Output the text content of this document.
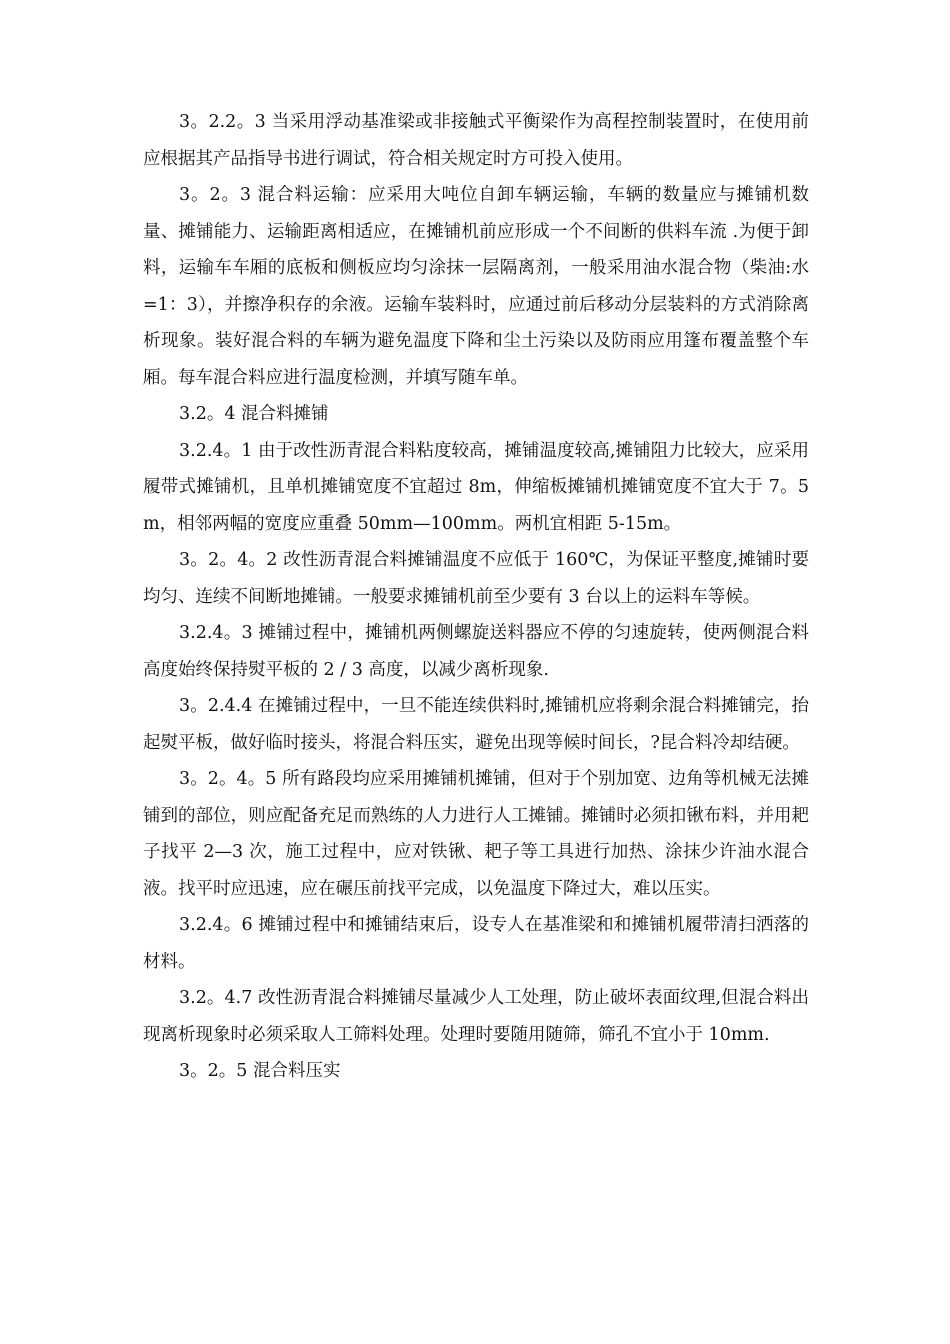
3。2.2。3 当采用浮动基准梁或非接触式平衡梁作为高程控制装置时，在使用前应根据其产品指导书进行调试，符合相关规定时方可投入使用。

3。2。3 混合料运输：应采用大吨位自卸车辆运输，车辆的数量应与摊铺机数量、摊铺能力、运输距离相适应，在摊铺机前应形成一个不间断的供料车流 .为便于卸料，运输车车厢的底板和侧板应均匀涂抹一层隔离剂，一般采用油水混合物（柴油:水=1：3），并擦净积存的余液。运输车装料时，应通过前后移动分层装料的方式消除离析现象。装好混合料的车辆为避免温度下降和尘土污染以及防雨应用篷布覆盖整个车厢。每车混合料应进行温度检测，并填写随车单。

3.2。4 混合料摊铺

3.2.4。1 由于改性沥青混合料粘度较高，摊铺温度较高,摊铺阻力比较大，应采用履带式摊铺机，且单机摊铺宽度不宜超过 8m，伸缩板摊铺机摊铺宽度不宜大于 7。5m，相邻两幅的宽度应重叠 50mm—100mm。两机宜相距 5-15m。

3。2。4。2 改性沥青混合料摊铺温度不应低于 160℃，为保证平整度,摊铺时要均匀、连续不间断地摊铺。一般要求摊铺机前至少要有 3 台以上的运料车等候。

3.2.4。3 摊铺过程中，摊铺机两侧螺旋送料器应不停的匀速旋转，使两侧混合料高度始终保持熨平板的 2 / 3 高度，以减少离析现象.

3。2.4.4 在摊铺过程中，一旦不能连续供料时,摊铺机应将剩余混合料摊铺完，抬起熨平板，做好临时接头，将混合料压实，避免出现等候时间长，?昆合料冷却结硬。

3。2。4。5 所有路段均应采用摊铺机摊铺，但对于个别加宽、边角等机械无法摊铺到的部位，则应配备充足而熟练的人力进行人工摊铺。摊铺时必须扣锹布料，并用耙子找平 2—3 次，施工过程中，应对铁锹、耙子等工具进行加热、涂抹少许油水混合液。找平时应迅速，应在碾压前找平完成，以免温度下降过大，难以压实。

3.2.4。6 摊铺过程中和摊铺结束后，设专人在基准梁和和摊铺机履带清扫洒落的材料。

3.2。4.7 改性沥青混合料摊铺尽量减少人工处理，防止破坏表面纹理,但混合料出现离析现象时必须采取人工筛料处理。处理时要随用随筛，筛孔不宜小于 10mm.

3。2。5 混合料压实
